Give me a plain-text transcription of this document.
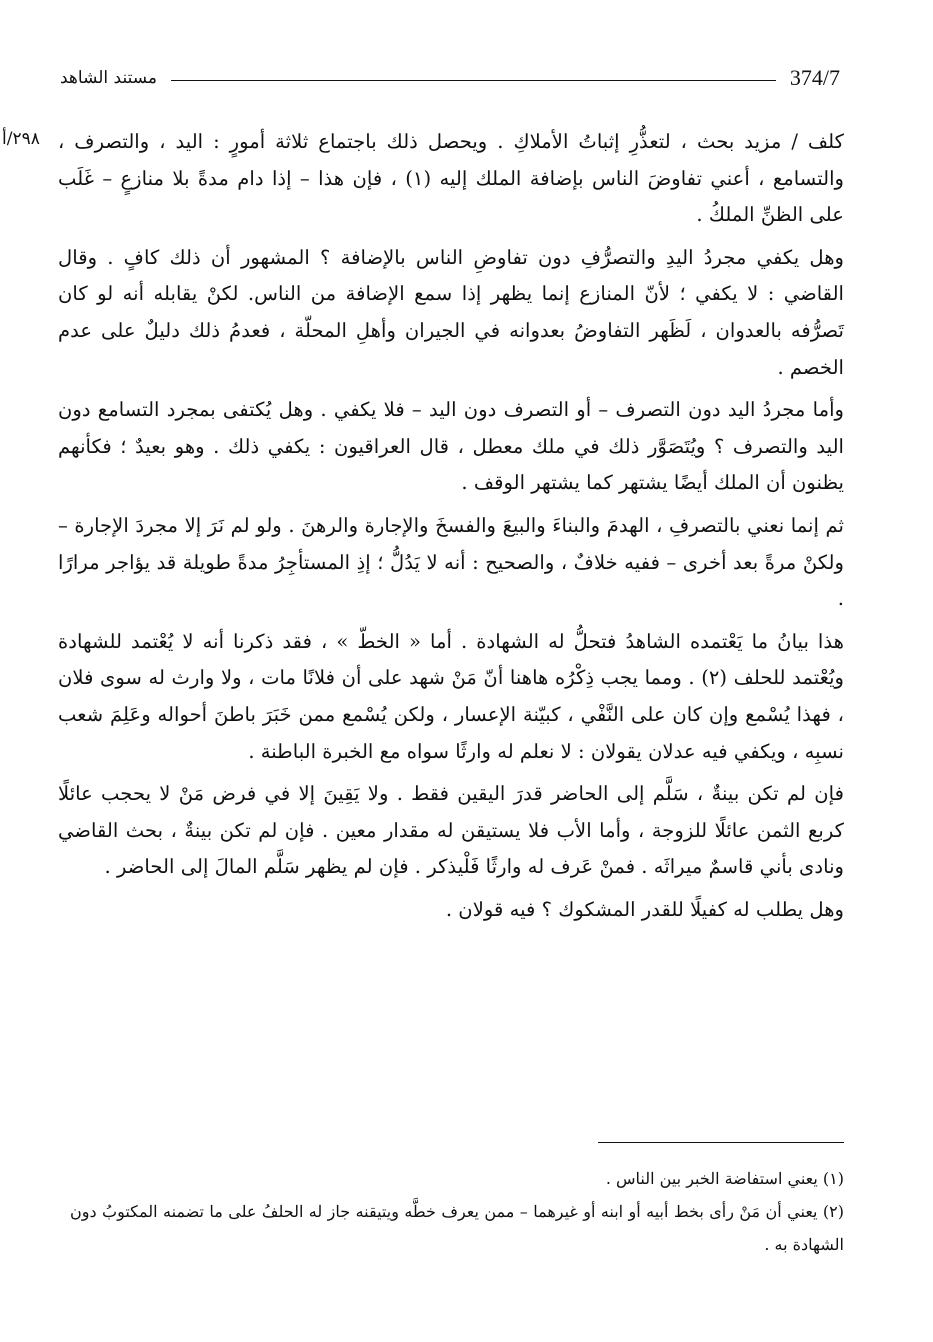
374/7
مستند الشاهد
٢٩٨/أ كلف / مزيد بحث ، لتعذُّرِ إثباتُ الأملاكِ . ويحصل ذلك باجتماع ثلاثة أمورٍ : اليد ، والتصرف ، والتسامع ، أعني تفاوضَ الناس بإضافة الملك إليه (١) ، فإن هذا – إذا دام مدةً بلا منازعٍ – غَلَب على الظنِّ الملكُ .

وهل يكفي مجردُ اليدِ والتصرُّفِ دون تفاوضِ الناس بالإضافة ؟ المشهور أن ذلك كافٍ . وقال القاضي : لا يكفي ؛ لأنّ المنازع إنما يظهر إذا سمع الإضافة من الناس. لكنْ يقابله أنه لو كان تَصرُّفه بالعدوان ، لَظَهر التفاوضُ بعدوانه في الجيران وأهلِ المحلّة ، فعدمُ ذلك دليلٌ على عدم الخصم .

وأما مجردُ اليد دون التصرف – أو التصرف دون اليد – فلا يكفي . وهل يُكتفى بمجرد التسامع دون اليد والتصرف ؟ ويُتَصَوَّر ذلك في ملك معطل ، قال العراقيون : يكفي ذلك . وهو بعيدٌ ؛ فكأنهم يظنون أن الملك أيضًا يشتهر كما يشتهر الوقف .

ثم إنما نعني بالتصرفِ ، الهدمَ والبناءَ والبيعَ والفسخَ والإجارة والرهنَ . ولو لم نَرَ إلا مجردَ الإجارة – ولكنْ مرةً بعد أخرى – ففيه خلافٌ ، والصحيح : أنه لا يَدُلُّ ؛ إذِ المستأجِرُ مدةً طويلة قد يؤاجر مرارًا .

هذا بيانُ ما يَعْتمده الشاهدُ فتحلُّ له الشهادة . أما « الخطّ » ، فقد ذكرنا أنه لا يُعْتمد للشهادة ويُعْتمد للحلف (٢) . ومما يجب ذِكْرُه هاهنا أنّ مَنْ شهد على أن فلانًا مات ، ولا وارث له سوى فلان ، فهذا يُسْمع وإن كان على النَّفْي ، كبيّنة الإعسار ، ولكن يُسْمع ممن خَبَرَ باطنَ أحواله وعَلِمَ شعب نسبِه ، ويكفي فيه عدلان يقولان : لا نعلم له وارثًا سواه مع الخبرة الباطنة .

فإن لم تكن بينةٌ ، سَلَّم إلى الحاضر قدرَ اليقين فقط . ولا يَقِينَ إلا في فرض مَنْ لا يحجب عائلًا كربع الثمن عائلًا للزوجة ، وأما الأب فلا يستيقن له مقدار معين . فإن لم تكن بينةٌ ، بحث القاضي ونادى بأني قاسمٌ ميراثَه . فمنْ عَرف له وارثًا فَلْيذكر . فإن لم يظهر سَلَّم المالَ إلى الحاضر .

وهل يطلب له كفيلًا للقدر المشكوك ؟ فيه قولان .

(١) يعني استفاضة الخبر بين الناس .

(٢) يعني أن مَنْ رأى بخط أبيه أو ابنه أو غيرهما – ممن يعرف خطَّه ويتيقنه جاز له الحلفُ على ما تضمنه المكتوبُ دون الشهادة به .
